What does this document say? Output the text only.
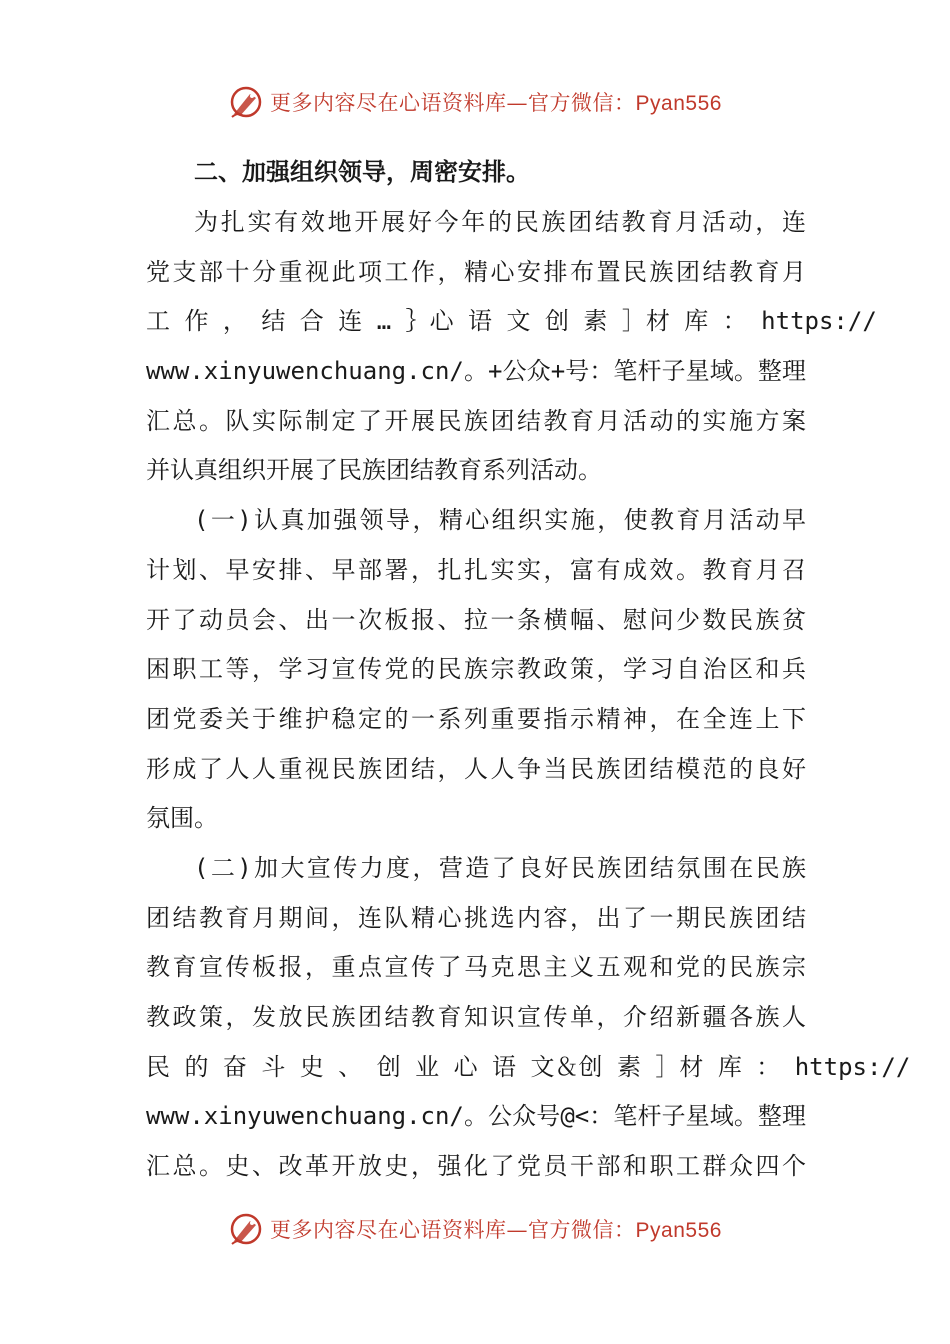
更多内容尽在心语资料库—官方微信：Pyan556
二、加强组织领导，周密安排。
为扎实有效地开展好今年的民族团结教育月活动，连
党支部十分重视此项工作，精心安排布置民族团结教育月
工 作 ， 结 合 连 … ｝心 语 文 创 素 ］材 库 ： https://
www.xinyuwenchuang.cn/。+公众+号：笔杆子星域。整理
汇总。队实际制定了开展民族团结教育月活动的实施方案
并认真组织开展了民族团结教育系列活动。
(一)认真加强领导，精心组织实施，使教育月活动早
计划、早安排、早部署，扎扎实实，富有成效。教育月召
开了动员会、出一次板报、拉一条横幅、慰问少数民族贫
困职工等，学习宣传党的民族宗教政策，学习自治区和兵
团党委关于维护稳定的一系列重要指示精神，在全连上下
形成了人人重视民族团结，人人争当民族团结模范的良好
氛围。
(二)加大宣传力度，营造了良好民族团结氛围在民族
团结教育月期间，连队精心挑选内容，出了一期民族团结
教育宣传板报，重点宣传了马克思主义五观和党的民族宗
教政策，发放民族团结教育知识宣传单，介绍新疆各族人
民 的 奋 斗 史 、 创 业 心 语 文＆创 素 ］材 库 ： https://
www.xinyuwenchuang.cn/。公众号@<：笔杆子星域。整理
汇总。史、改革开放史，强化了党员干部和职工群众四个
更多内容尽在心语资料库—官方微信：Pyan556
